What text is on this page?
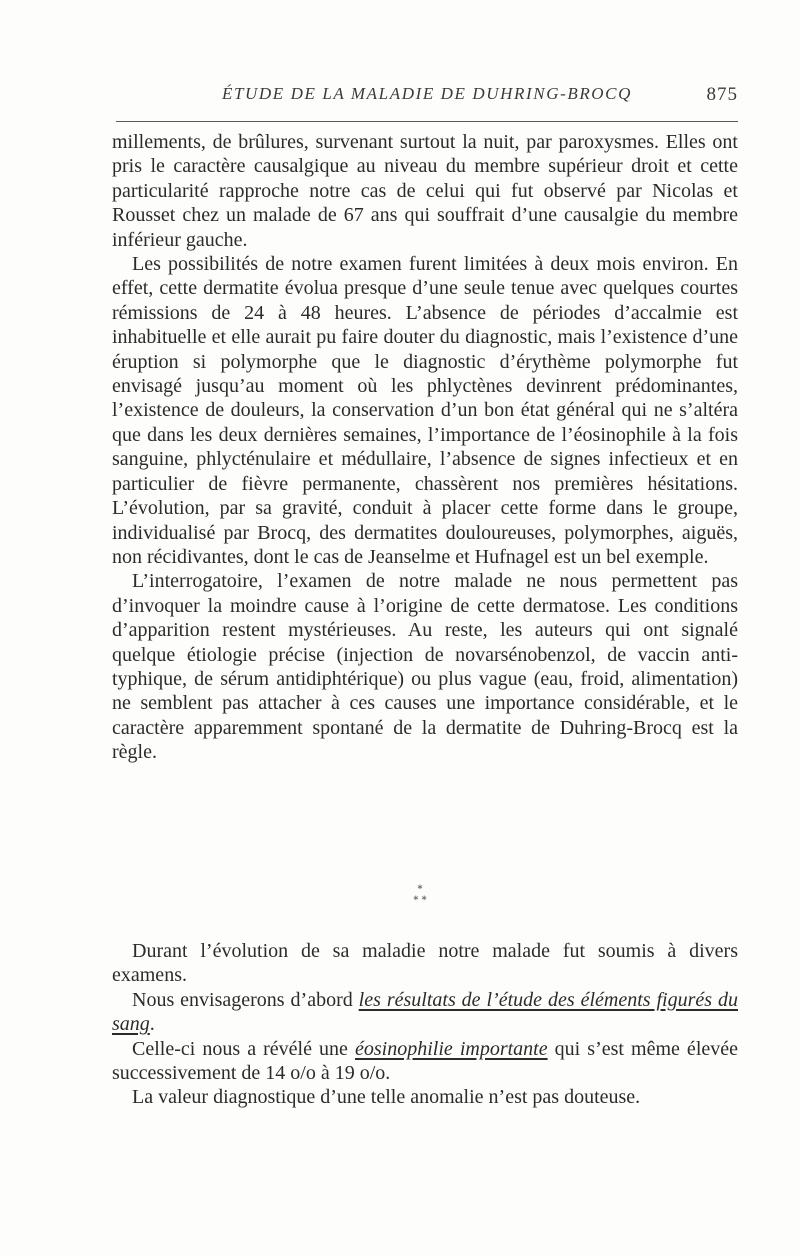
ÉTUDE DE LA MALADIE DE DUHRING-BROCQ	875

millements, de brûlures, survenant surtout la nuit, par paroxysmes. Elles ont pris le caractère causalgique au niveau du membre supérieur droit et cette particularité rapproche notre cas de celui qui fut observé par Nicolas et Rousset chez un malade de 67 ans qui souffrait d’une causalgie du membre inférieur gauche.

Les possibilités de notre examen furent limitées à deux mois environ. En effet, cette dermatite évolua presque d’une seule tenue avec quelques courtes rémissions de 24 à 48 heures. L’absence de périodes d’accalmie est inhabituelle et elle aurait pu faire douter du diagnostic, mais l’existence d’une éruption si polymorphe que le diagnostic d’érythème polymorphe fut envisagé jusqu’au moment où les phlyctènes devinrent prédominantes, l’existence de douleurs, la conservation d’un bon état général qui ne s’altéra que dans les deux dernières semaines, l’importance de l’éosinophile à la fois sanguine, phlycténulaire et médullaire, l’absence de signes infectieux et en particulier de fièvre permanente, chassèrent nos premières hésitations. L’évolution, par sa gravité, conduit à placer cette forme dans le groupe, individualisé par Brocq, des dermatites douloureuses, polymorphes, aiguës, non récidivantes, dont le cas de Jeanselme et Hufnagel est un bel exemple.

L’interrogatoire, l’examen de notre malade ne nous permettent pas d’invoquer la moindre cause à l’origine de cette dermatose. Les conditions d’apparition restent mystérieuses. Au reste, les auteurs qui ont signalé quelque étiologie précise (injection de novarsénobenzol, de vaccin anti-typhique, de sérum antidiphtérique) ou plus vague (eau, froid, alimentation) ne semblent pas attacher à ces causes une importance considérable, et le caractère apparemment spontané de la dermatite de Duhring-Brocq est la règle.

*
* *

Durant l’évolution de sa maladie notre malade fut soumis à divers examens.

Nous envisagerons d’abord les résultats de l’étude des éléments figurés du sang.

Celle-ci nous a révélé une éosinophilie importante qui s’est même élevée successivement de 14 o/o à 19 o/o.

La valeur diagnostique d’une telle anomalie n’est pas douteuse.
